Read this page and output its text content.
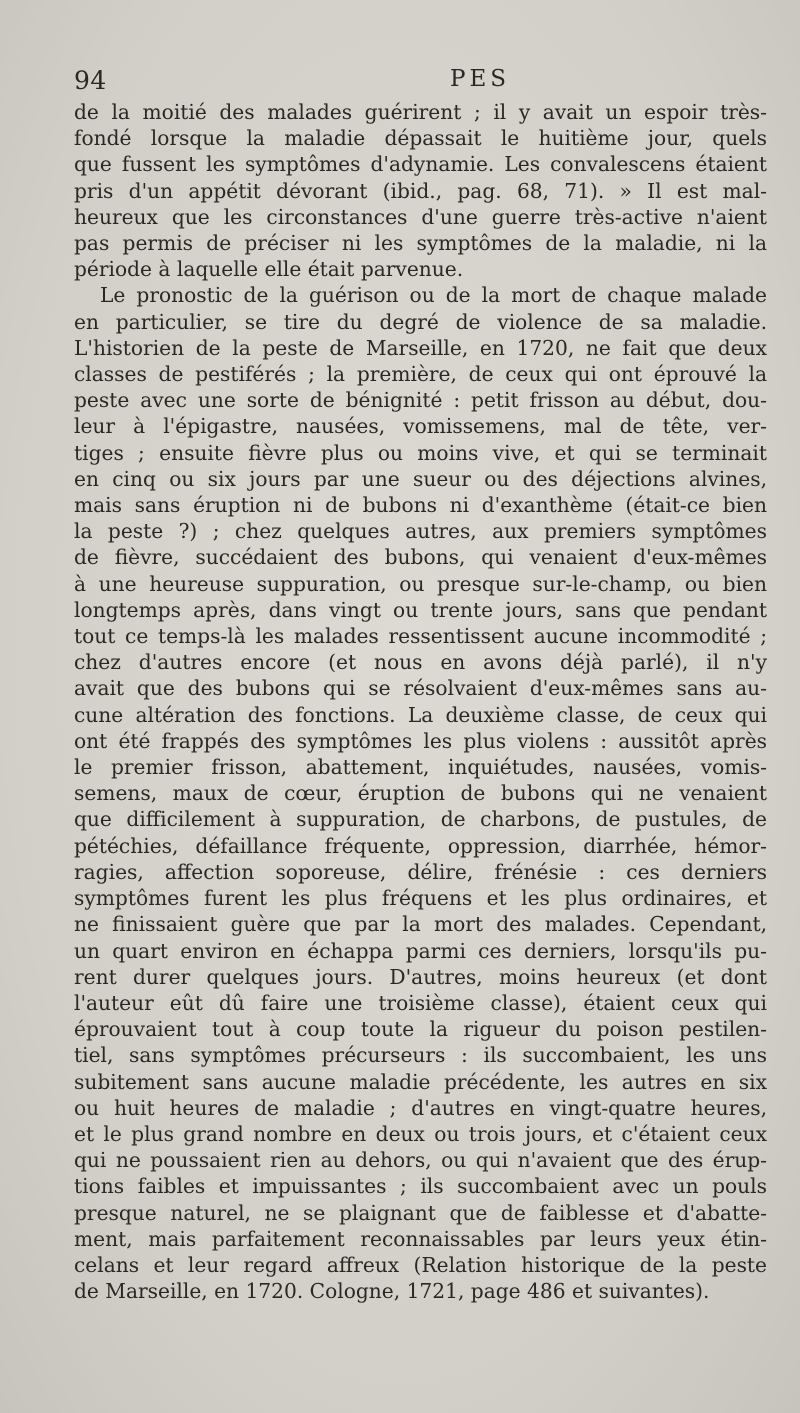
94	PES
de la moitié des malades guérirent ; il y avait un espoir très-
fondé lorsque la maladie dépassait le huitième jour, quels
que fussent les symptômes d'adynamie. Les convalescens étaient
pris d'un appétit dévorant (ibid., pag. 68, 71). » Il est mal-
heureux que les circonstances d'une guerre très-active n'aient
pas permis de préciser ni les symptômes de la maladie, ni la
période à laquelle elle était parvenue.
Le pronostic de la guérison ou de la mort de chaque malade
en particulier, se tire du degré de violence de sa maladie.
L'historien de la peste de Marseille, en 1720, ne fait que deux
classes de pestiférés ; la première, de ceux qui ont éprouvé la
peste avec une sorte de bénignité : petit frisson au début, dou-
leur à l'épigastre, nausées, vomissemens, mal de tête, ver-
tiges ; ensuite fièvre plus ou moins vive, et qui se terminait
en cinq ou six jours par une sueur ou des déjections alvines,
mais sans éruption ni de bubons ni d'exanthème (était-ce bien
la peste ?) ; chez quelques autres, aux premiers symptômes
de fièvre, succédaient des bubons, qui venaient d'eux-mêmes
à une heureuse suppuration, ou presque sur-le-champ, ou bien
longtemps après, dans vingt ou trente jours, sans que pendant
tout ce temps-là les malades ressentissent aucune incommodité ;
chez d'autres encore (et nous en avons déjà parlé), il n'y
avait que des bubons qui se résolvaient d'eux-mêmes sans au-
cune altération des fonctions. La deuxième classe, de ceux qui
ont été frappés des symptômes les plus violens : aussitôt après
le premier frisson, abattement, inquiétudes, nausées, vomis-
semens, maux de cœur, éruption de bubons qui ne venaient
que difficilement à suppuration, de charbons, de pustules, de
pétéchies, défaillance fréquente, oppression, diarrhée, hémor-
ragies, affection soporeuse, délire, frénésie : ces derniers
symptômes furent les plus fréquens et les plus ordinaires, et
ne finissaient guère que par la mort des malades. Cependant,
un quart environ en échappa parmi ces derniers, lorsqu'ils pu-
rent durer quelques jours. D'autres, moins heureux (et dont
l'auteur eût dû faire une troisième classe), étaient ceux qui
éprouvaient tout à coup toute la rigueur du poison pestilen-
tiel, sans symptômes précurseurs : ils succombaient, les uns
subitement sans aucune maladie précédente, les autres en six
ou huit heures de maladie ; d'autres en vingt-quatre heures,
et le plus grand nombre en deux ou trois jours, et c'étaient ceux
qui ne poussaient rien au dehors, ou qui n'avaient que des érup-
tions faibles et impuissantes ; ils succombaient avec un pouls
presque naturel, ne se plaignant que de faiblesse et d'abatte-
ment, mais parfaitement reconnaissables par leurs yeux étin-
celans et leur regard affreux (Relation historique de la peste
de Marseille, en 1720. Cologne, 1721, page 486 et suivantes).
